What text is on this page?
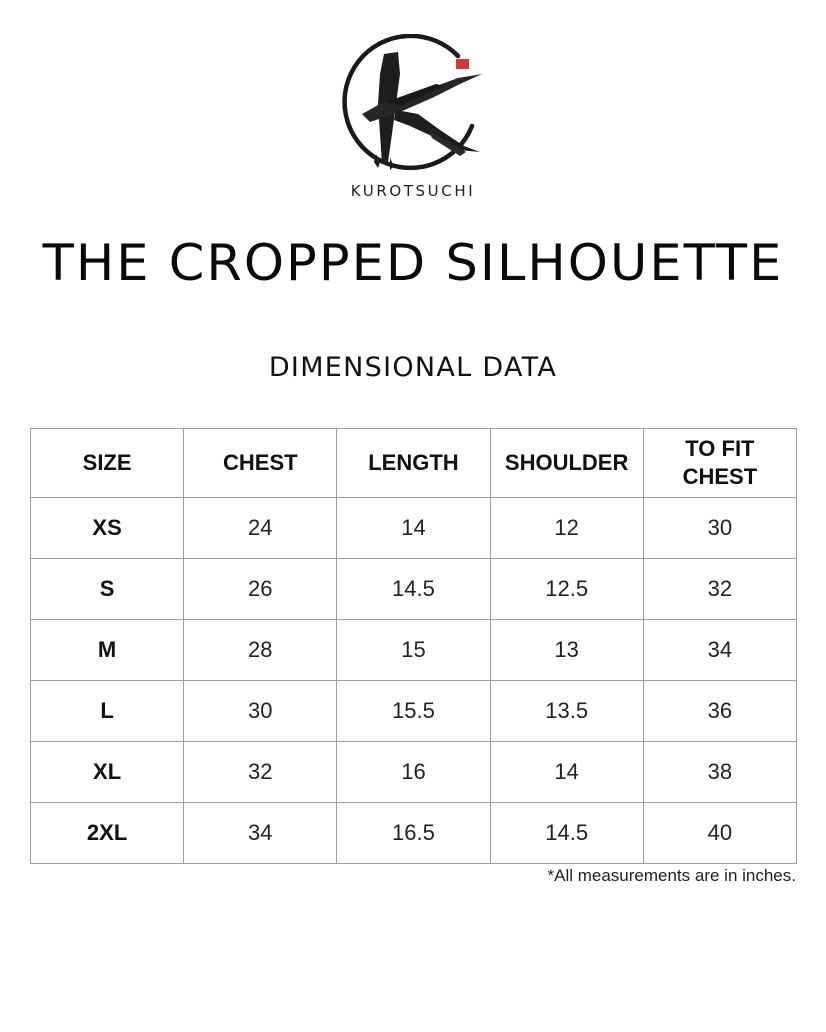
KUROTSUCHI
THE CROPPED SILHOUETTE
DIMENSIONAL DATA
SIZE	CHEST	LENGTH	SHOULDER	TO FIT CHEST
XS	24	14	12	30
S	26	14.5	12.5	32
M	28	15	13	34
L	30	15.5	13.5	36
XL	32	16	14	38
2XL	34	16.5	14.5	40
*All measurements are in inches.
